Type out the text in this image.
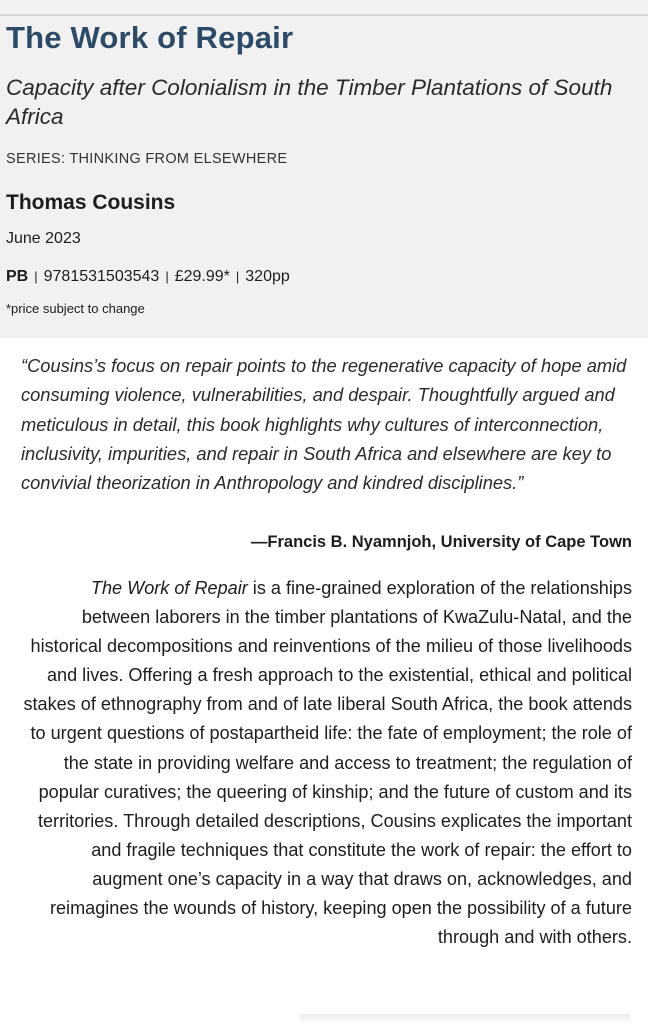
The Work of Repair

Capacity after Colonialism in the Timber Plantations of South Africa

SERIES: THINKING FROM ELSEWHERE
Thomas Cousins
June 2023
PB | 9781531503543 | £29.99* | 320pp
*price subject to change

“Cousins’s focus on repair points to the regenerative capacity of hope amid consuming violence, vulnerabilities, and despair. Thoughtfully argued and meticulous in detail, this book highlights why cultures of interconnection, inclusivity, impurities, and repair in South Africa and elsewhere are key to convivial theorization in Anthropology and kindred disciplines.”

—Francis B. Nyamnjoh, University of Cape Town

The Work of Repair is a fine-grained exploration of the relationships between laborers in the timber plantations of KwaZulu-Natal, and the historical decompositions and reinventions of the milieu of those livelihoods and lives. Offering a fresh approach to the existential, ethical and political stakes of ethnography from and of late liberal South Africa, the book attends to urgent questions of postapartheid life: the fate of employment; the role of the state in providing welfare and access to treatment; the regulation of popular curatives; the queering of kinship; and the future of custom and its territories. Through detailed descriptions, Cousins explicates the important and fragile techniques that constitute the work of repair: the effort to augment one’s capacity in a way that draws on, acknowledges, and reimagines the wounds of history, keeping open the possibility of a future through and with others.
